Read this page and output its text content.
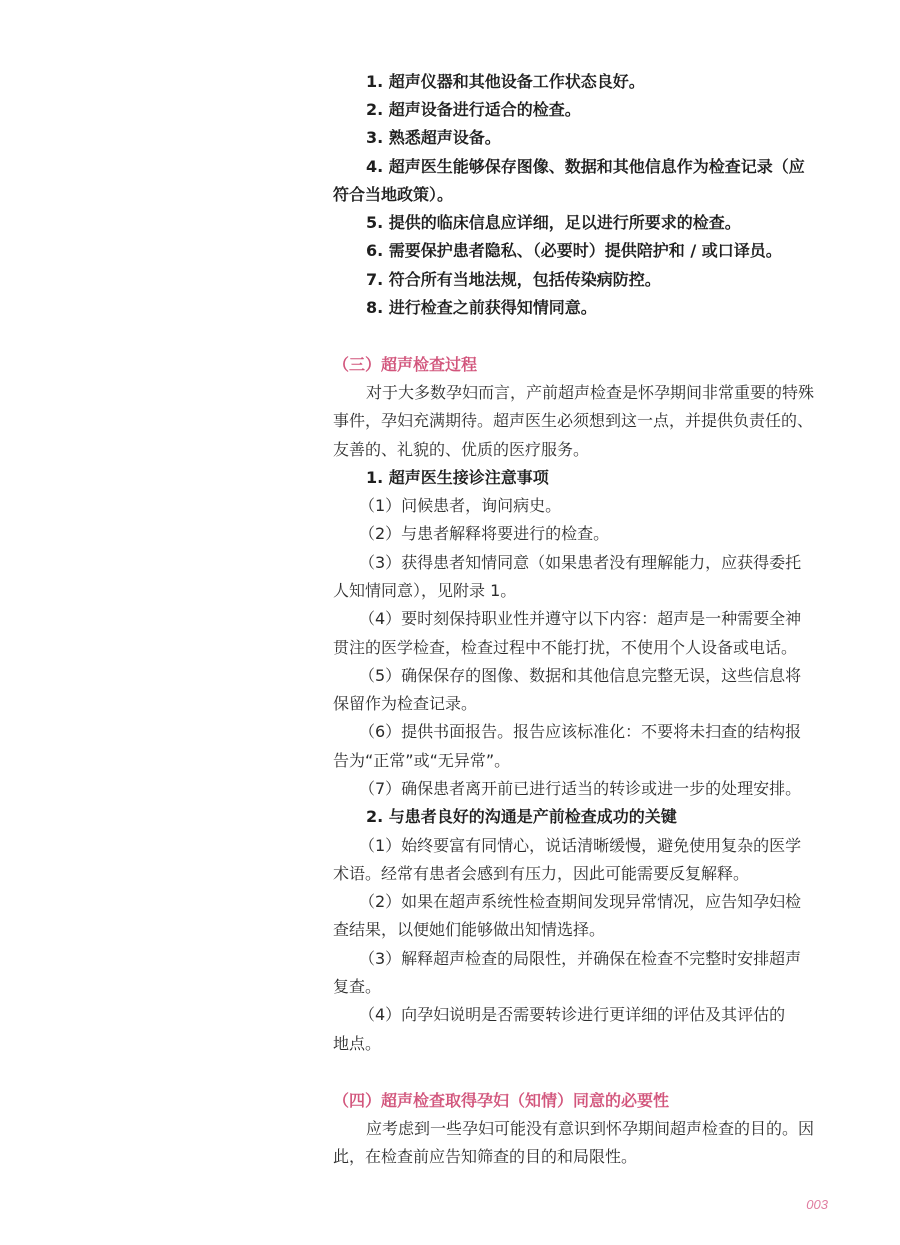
1. 超声仪器和其他设备工作状态良好。
2. 超声设备进行适合的检查。
3. 熟悉超声设备。
4. 超声医生能够保存图像、数据和其他信息作为检查记录（应
符合当地政策）。
5. 提供的临床信息应详细，足以进行所要求的检查。
6. 需要保护患者隐私、（必要时）提供陪护和 / 或口译员。
7. 符合所有当地法规，包括传染病防控。
8. 进行检查之前获得知情同意。
（三）超声检查过程
对于大多数孕妇而言，产前超声检查是怀孕期间非常重要的特殊
事件，孕妇充满期待。超声医生必须想到这一点，并提供负责任的、
友善的、礼貌的、优质的医疗服务。
1. 超声医生接诊注意事项
（1）问候患者，询问病史。
（2）与患者解释将要进行的检查。
（3）获得患者知情同意（如果患者没有理解能力，应获得委托
人知情同意），见附录 1。
（4）要时刻保持职业性并遵守以下内容：超声是一种需要全神
贯注的医学检查，检查过程中不能打扰，不使用个人设备或电话。
（5）确保保存的图像、数据和其他信息完整无误，这些信息将
保留作为检查记录。
（6）提供书面报告。报告应该标准化：不要将未扫查的结构报
告为“正常”或“无异常”。
（7）确保患者离开前已进行适当的转诊或进一步的处理安排。
2. 与患者良好的沟通是产前检查成功的关键
（1）始终要富有同情心，说话清晰缓慢，避免使用复杂的医学
术语。经常有患者会感到有压力，因此可能需要反复解释。
（2）如果在超声系统性检查期间发现异常情况，应告知孕妇检
查结果，以便她们能够做出知情选择。
（3）解释超声检查的局限性，并确保在检查不完整时安排超声
复查。
（4）向孕妇说明是否需要转诊进行更详细的评估及其评估的
地点。
（四）超声检查取得孕妇（知情）同意的必要性
应考虑到一些孕妇可能没有意识到怀孕期间超声检查的目的。因
此，在检查前应告知筛查的目的和局限性。
003
